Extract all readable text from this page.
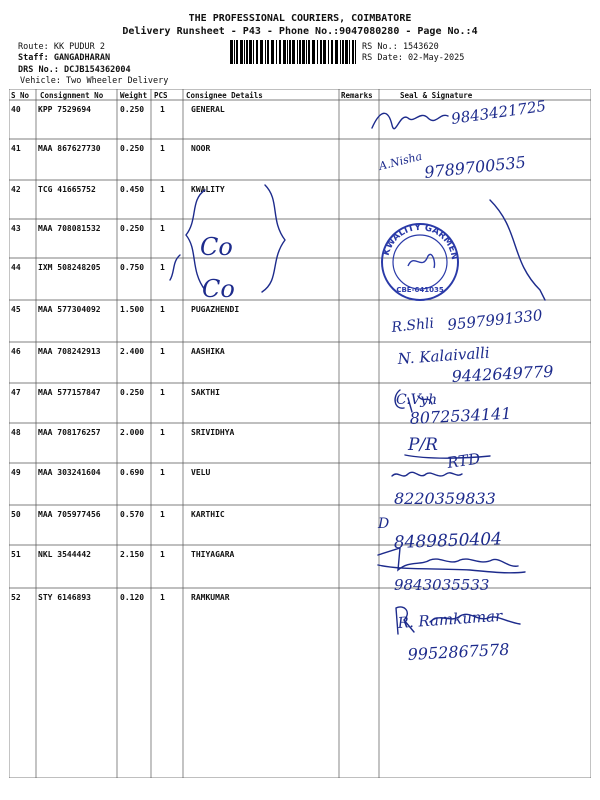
THE PROFESSIONAL COURIERS, COIMBATORE
Delivery Runsheet - P43 - Phone No.:9047080280 - Page No.:4
Route: KK PUDUR 2
Staff: GANGADHARAN
DRS No.: DCJB154362004
Vehicle: Two Wheeler Delivery
RS No.: 1543620
RS Date: 02-May-2025
S No Consignment No Weight PCS Consignee Details	Remarks	Seal & Signature
40 KPP 7529694	0.250 1	GENERAL
41 MAA 867627730 0.250 1	NOOR
42 TCG 41665752	0.450 1	KWALITY
43 MAA 708081532 0.250 1
44 IXM 508248205 0.750 1
45 MAA 577304092 1.500 1	PUGAZHENDI
46 MAA 708242913 2.400 1	AASHIKA
47 MAA 577157847 0.250 1	SAKTHI
48 MAA 708176257 2.000 1	SRIVIDHYA
49 MAA 303241604 0.690 1	VELU
50 MAA 705977456 0.570 1	KARTHIC
51 NKL 3544442	2.150 1	THIYAGARA
52 STY 6146893	0.120 1	RAMKUMAR
9843421725
A.Nisha 9789700535
Co
Co
R.Shli 9597991330
N. Kalaivalli
9442649779
C.Vyh
8072534141
P/R
RTD
8220359833
D
8489850404
9843035533
R. Ramkumar
9952867578
KWALITY GARMENTS
CBE-641035
